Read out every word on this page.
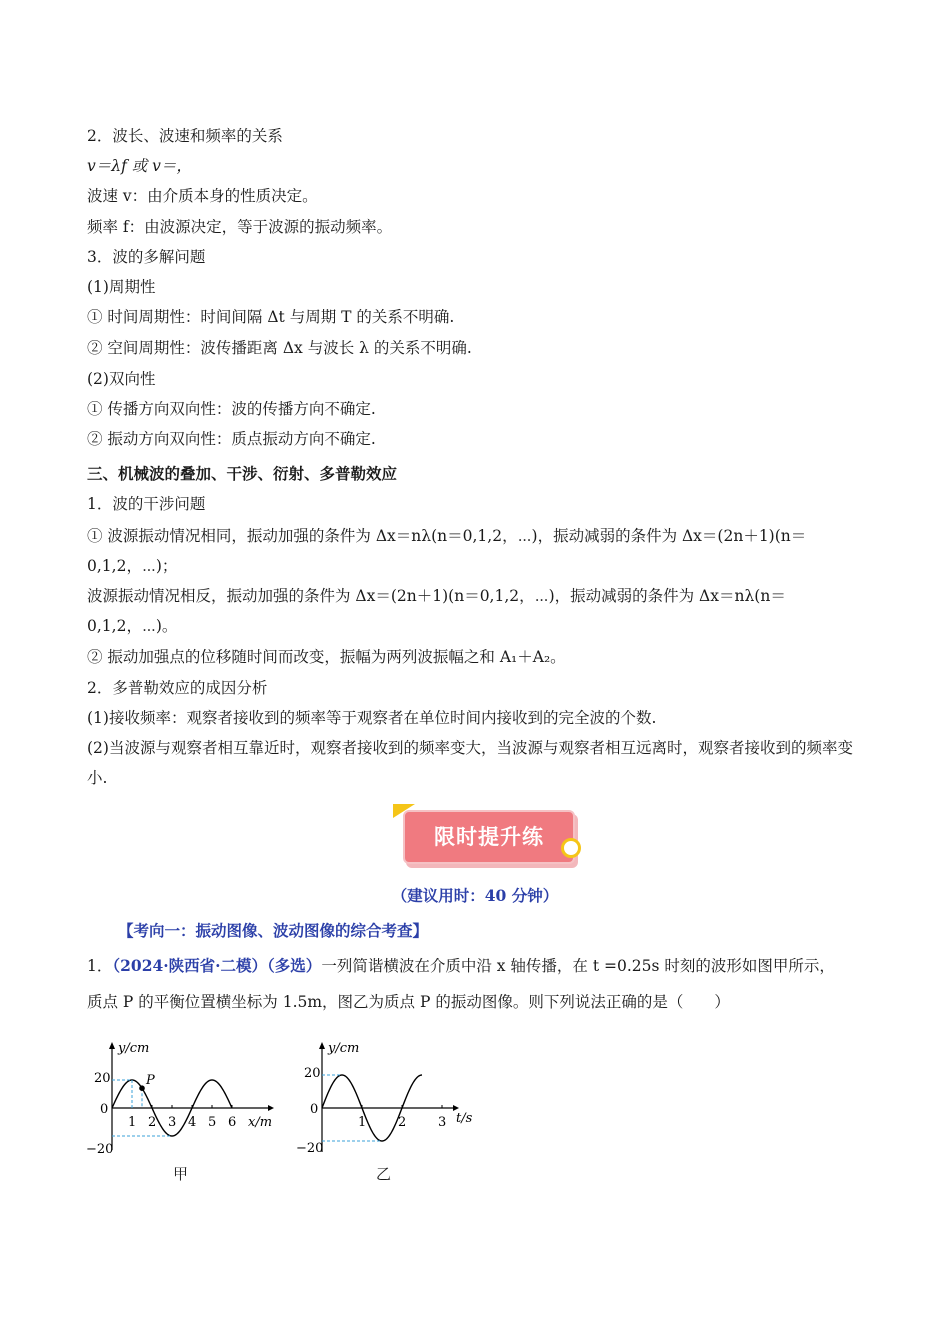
2．波长、波速和频率的关系
v＝λf 或 v＝，
波速 v：由介质本身的性质决定。
频率 f：由波源决定，等于波源的振动频率。
3．波的多解问题
(1)周期性
① 时间周期性：时间间隔 Δt 与周期 T 的关系不明确.
② 空间周期性：波传播距离 Δx 与波长 λ 的关系不明确.
(2)双向性
① 传播方向双向性：波的传播方向不确定.
② 振动方向双向性：质点振动方向不确定.
三、机械波的叠加、干涉、衍射、多普勒效应
1．波的干涉问题
① 波源振动情况相同，振动加强的条件为 Δx＝nλ(n＝0,1,2，⋯)，振动减弱的条件为 Δx＝(2n＋1)(n＝0,1,2，⋯)；
波源振动情况相反，振动加强的条件为 Δx＝(2n＋1)(n＝0,1,2，⋯)，振动减弱的条件为 Δx＝nλ(n＝0,1,2，⋯)。
② 振动加强点的位移随时间而改变，振幅为两列波振幅之和 A₁＋A₂。
2．多普勒效应的成因分析
(1)接收频率：观察者接收到的频率等于观察者在单位时间内接收到的完全波的个数.
(2)当波源与观察者相互靠近时，观察者接收到的频率变大，当波源与观察者相互远离时，观察者接收到的频率变小.
限时提升练
（建议用时：40 分钟）
【考向一：振动图像、波动图像的综合考查】
1．（2024·陕西省·二模）（多选）一列简谐横波在介质中沿 x 轴传播，在 t =0.25s 时刻的波形如图甲所示，
质点 P 的平衡位置横坐标为 1.5m，图乙为质点 P 的振动图像。则下列说法正确的是（　　）
y/cm
x/m
20
0
−20
1 2 3 4 5 6
P
甲
y/cm
t/s
20
0
−20
1 2 3
乙
